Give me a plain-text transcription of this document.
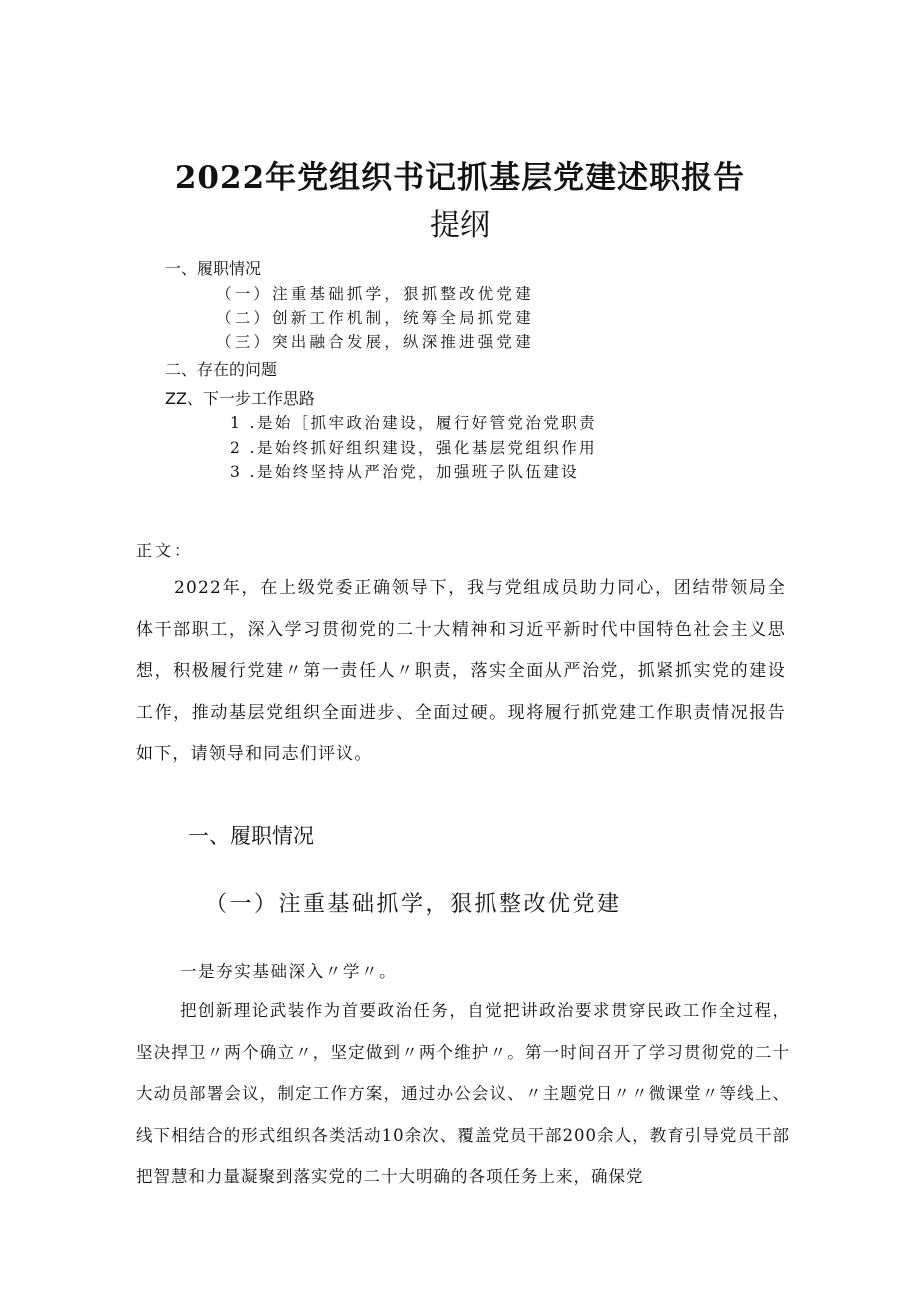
2022年党组织书记抓基层党建述职报告
提纲
一、履职情况
（一）注重基础抓学，狠抓整改优党建
（二）创新工作机制，统筹全局抓党建
（三）突出融合发展，纵深推进强党建
二、存在的问题
ZZ、下一步工作思路
1 .是始［抓牢政治建设，履行好管党治党职责
2 .是始终抓好组织建设，强化基层党组织作用
3 .是始终坚持从严治党，加强班子队伍建设
正文：
2022年，在上级党委正确领导下，我与党组成员助力同心，团结带领局全体干部职工，深入学习贯彻党的二十大精神和习近平新时代中国特色社会主义思想，积极履行党建〃第一责任人〃职责，落实全面从严治党，抓紧抓实党的建设工作，推动基层党组织全面进步、全面过硬。现将履行抓党建工作职责情况报告如下，请领导和同志们评议。
一、履职情况
（一）注重基础抓学，狠抓整改优党建
一是夯实基础深入〃学〃。
把创新理论武装作为首要政治任务，自觉把讲政治要求贯穿民政工作全过程，坚决捍卫〃两个确立〃，坚定做到〃两个维护〃。第一时间召开了学习贯彻党的二十大动员部署会议，制定工作方案，通过办公会议、〃主题党日〃〃微课堂〃等线上、线下相结合的形式组织各类活动10余次、覆盖党员干部200余人，教育引导党员干部把智慧和力量凝聚到落实党的二十大明确的各项任务上来，确保党
